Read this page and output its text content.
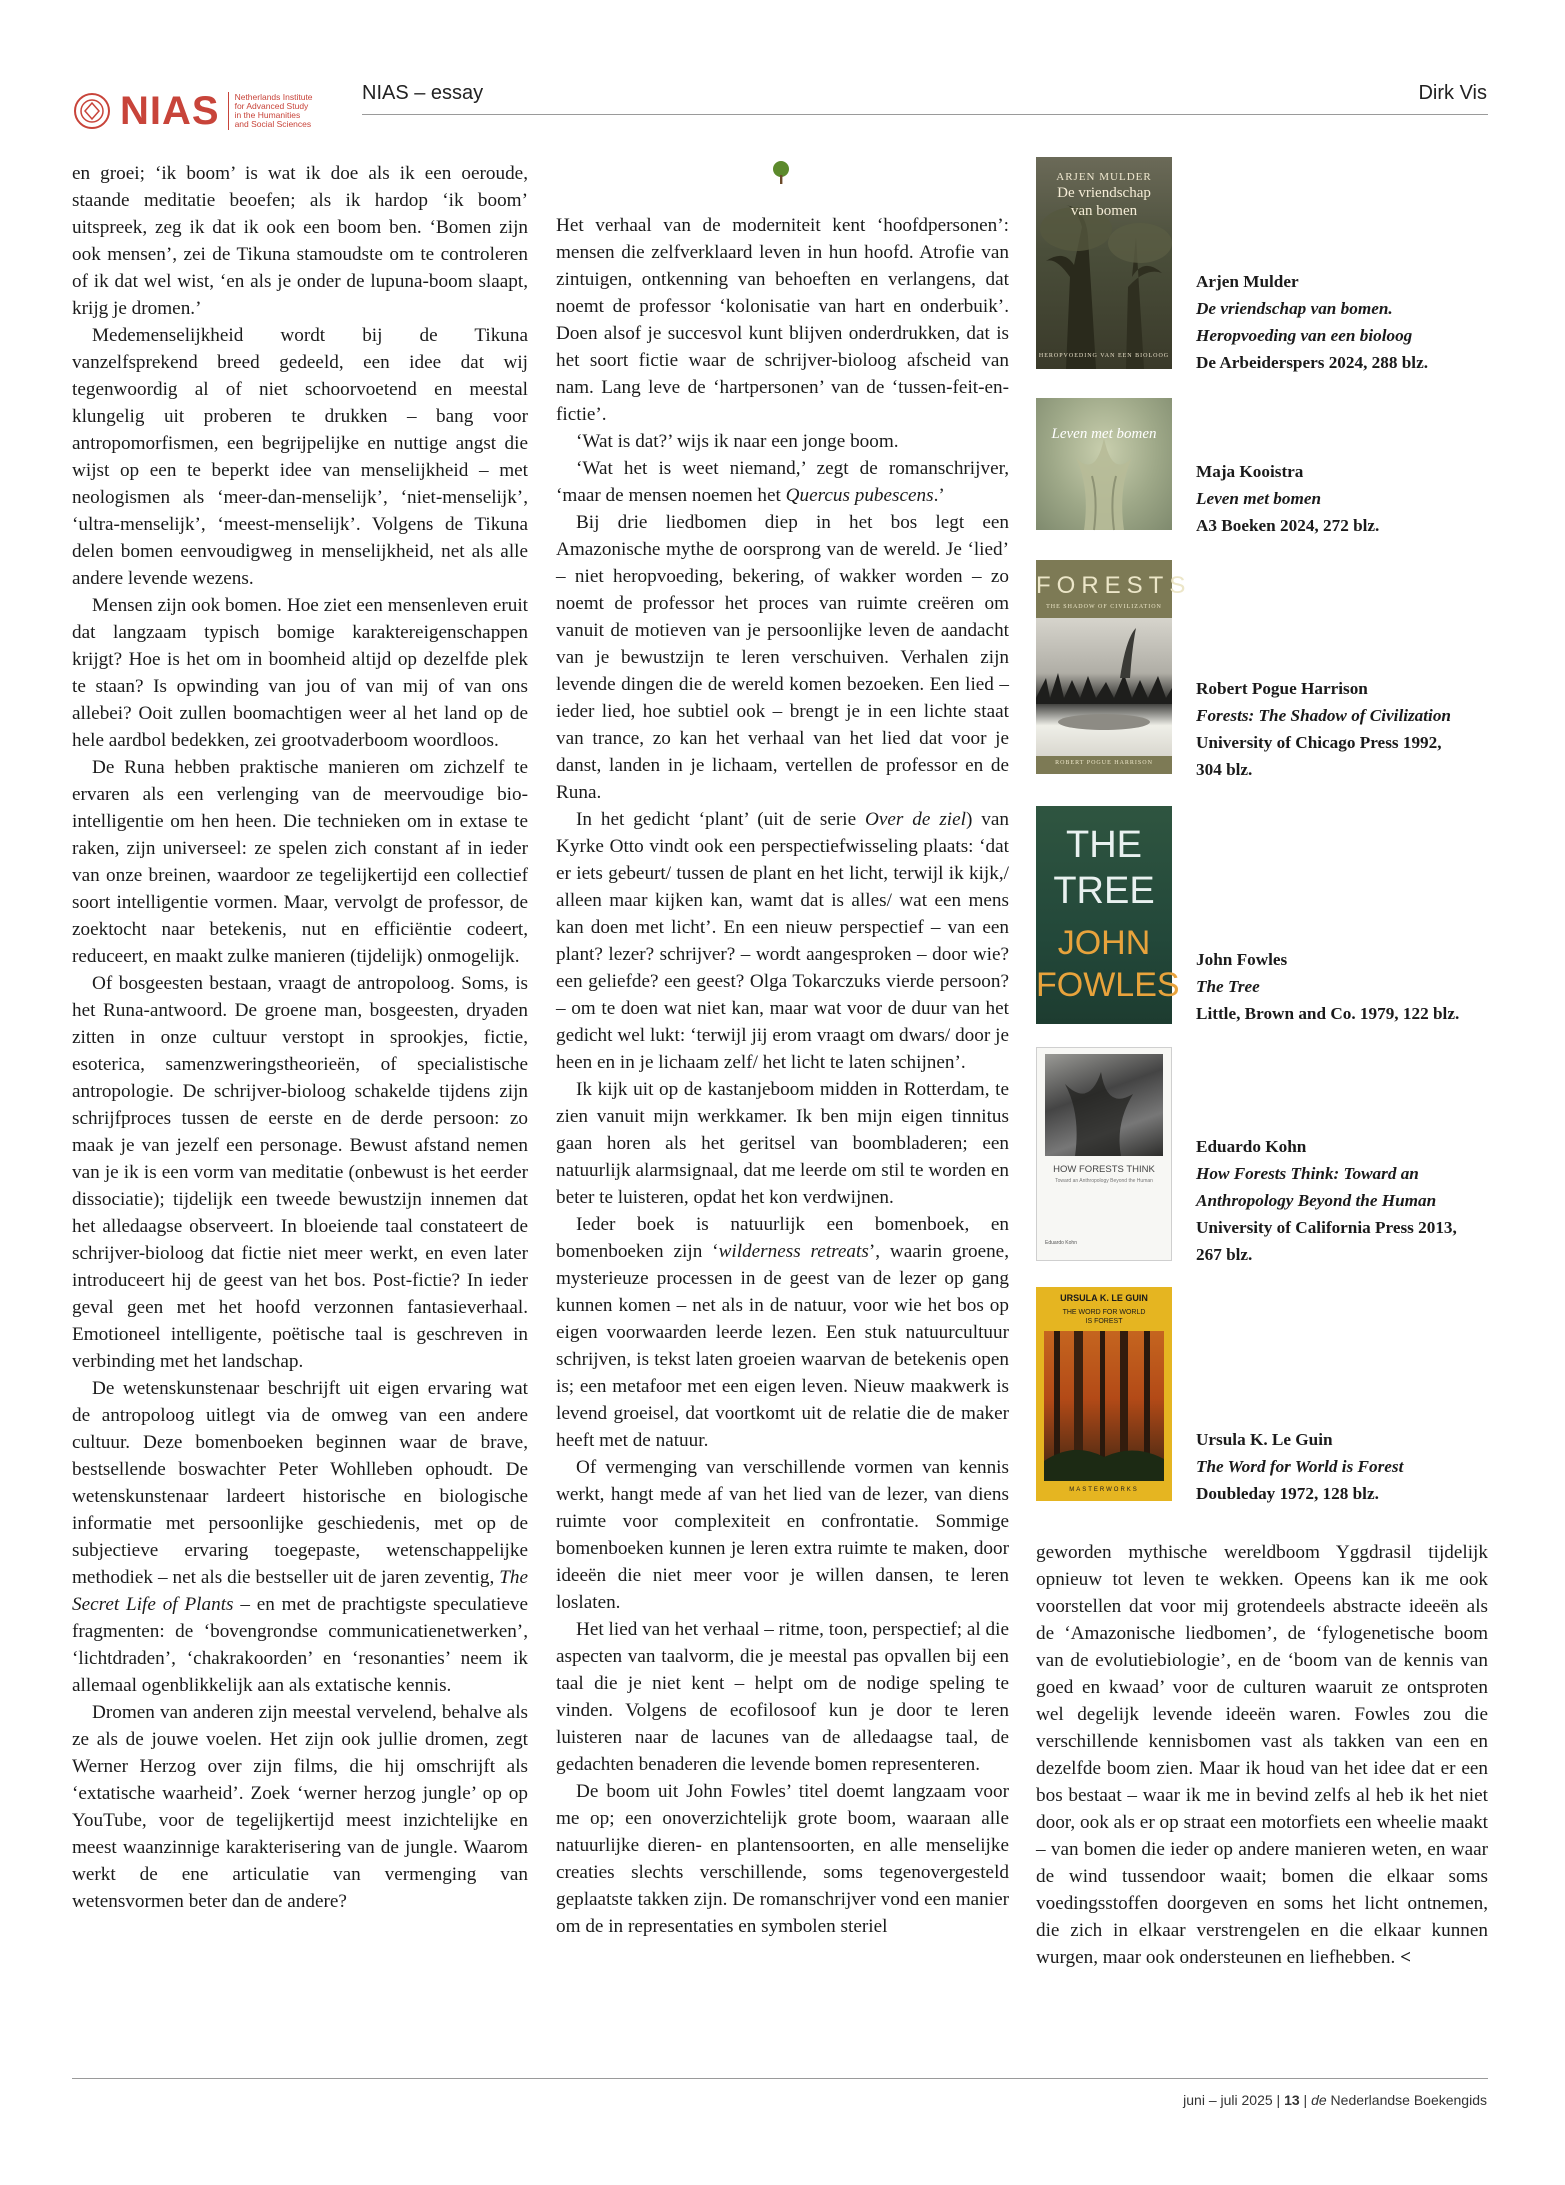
NIAS Netherlands Institute
for Advanced Study
in the Humanities
and Social Sciences
NIAS – essay	Dirk Vis

en groei; ‘ik boom’ is wat ik doe als ik een oeroude, staande meditatie beoefen; als ik hardop ‘ik boom’ uitspreek, zeg ik dat ik ook een boom ben. ‘Bomen zijn ook mensen’, zei de Tikuna stamoudste om te controleren of ik dat wel wist, ‘en als je onder de lupuna-boom slaapt, krijg je dromen.’

Medemenselijkheid wordt bij de Tikuna vanzelfsprekend breed gedeeld, een idee dat wij tegenwoordig al of niet schoorvoetend en meestal klungelig uit proberen te drukken – bang voor antropomorfismen, een begrijpelijke en nuttige angst die wijst op een te beperkt idee van menselijkheid – met neologismen als ‘meer-dan-menselijk’, ‘niet-menselijk’, ‘ultra-menselijk’, ‘meest-menselijk’. Volgens de Tikuna delen bomen eenvoudigweg in menselijkheid, net als alle andere levende wezens.

Mensen zijn ook bomen. Hoe ziet een mensenleven eruit dat langzaam typisch bomige karaktereigenschappen krijgt? Hoe is het om in boomheid altijd op dezelfde plek te staan? Is opwinding van jou of van mij of van ons allebei? Ooit zullen boomachtigen weer al het land op de hele aardbol bedekken, zei grootvaderboom woordloos.

De Runa hebben praktische manieren om zichzelf te ervaren als een verlenging van de meervoudige bio-intelligentie om hen heen. Die technieken om in extase te raken, zijn universeel: ze spelen zich constant af in ieder van onze breinen, waardoor ze tegelijkertijd een collectief soort intelligentie vormen. Maar, vervolgt de professor, de zoektocht naar betekenis, nut en efficiëntie codeert, reduceert, en maakt zulke manieren (tijdelijk) onmogelijk.

Of bosgeesten bestaan, vraagt de antropoloog. Soms, is het Runa-antwoord. De groene man, bosgeesten, dryaden zitten in onze cultuur verstopt in sprookjes, fictie, esoterica, samenzweringstheorieën, of specialistische antropologie. De schrijver-bioloog schakelde tijdens zijn schrijfproces tussen de eerste en de derde persoon: zo maak je van jezelf een personage. Bewust afstand nemen van je ik is een vorm van meditatie (onbewust is het eerder dissociatie); tijdelijk een tweede bewustzijn innemen dat het alledaagse observeert. In bloeiende taal constateert de schrijver-bioloog dat fictie niet meer werkt, en even later introduceert hij de geest van het bos. Post-fictie? In ieder geval geen met het hoofd verzonnen fantasieverhaal. Emotioneel intelligente, poëtische taal is geschreven in verbinding met het landschap.

De wetenskunstenaar beschrijft uit eigen ervaring wat de antropoloog uitlegt via de omweg van een andere cultuur. Deze bomenboeken beginnen waar de brave, bestsellende boswachter Peter Wohlleben ophoudt. De wetenskunstenaar lardeert historische en biologische informatie met persoonlijke geschiedenis, met op de subjectieve ervaring toegepaste, wetenschappelijke methodiek – net als die bestseller uit de jaren zeventig, The Secret Life of Plants – en met de prachtigste speculatieve fragmenten: de ‘bovengrondse communicatienetwerken’, ‘lichtdraden’, ‘chakrakoorden’ en ‘resonanties’ neem ik allemaal ogenblikkelijk aan als extatische kennis.

Dromen van anderen zijn meestal vervelend, behalve als ze als de jouwe voelen. Het zijn ook jullie dromen, zegt Werner Herzog over zijn films, die hij omschrijft als ‘extatische waarheid’. Zoek ‘werner herzog jungle’ op op YouTube, voor de tegelijkertijd meest inzichtelijke en meest waanzinnige karakterisering van de jungle. Waarom werkt de ene articulatie van vermenging van wetensvormen beter dan de andere?

Het verhaal van de moderniteit kent ‘hoofdpersonen’: mensen die zelfverklaard leven in hun hoofd. Atrofie van zintuigen, ontkenning van behoeften en verlangens, dat noemt de professor ‘kolonisatie van hart en onderbuik’. Doen alsof je succesvol kunt blijven onderdrukken, dat is het soort fictie waar de schrijver-bioloog afscheid van nam. Lang leve de ‘hartpersonen’ van de ‘tussen-feit-en-fictie’.

‘Wat is dat?’ wijs ik naar een jonge boom.

‘Wat het is weet niemand,’ zegt de romanschrijver, ‘maar de mensen noemen het Quercus pubescens.’

Bij drie liedbomen diep in het bos legt een Amazonische mythe de oorsprong van de wereld. Je ‘lied’ – niet heropvoeding, bekering, of wakker worden – zo noemt de professor het proces van ruimte creëren om vanuit de motieven van je persoonlijke leven de aandacht van je bewustzijn te leren verschuiven. Verhalen zijn levende dingen die de wereld komen bezoeken. Een lied – ieder lied, hoe subtiel ook – brengt je in een lichte staat van trance, zo kan het verhaal van het lied dat voor je danst, landen in je lichaam, vertellen de professor en de Runa.

In het gedicht ‘plant’ (uit de serie Over de ziel) van Kyrke Otto vindt ook een perspectiefwisseling plaats: ‘dat er iets gebeurt/ tussen de plant en het licht, terwijl ik kijk,/ alleen maar kijken kan, wamt dat is alles/ wat een mens kan doen met licht’. En een nieuw perspectief – van een plant? lezer? schrijver? – wordt aangesproken – door wie? een geliefde? een geest? Olga Tokarczuks vierde persoon? – om te doen wat niet kan, maar wat voor de duur van het gedicht wel lukt: ‘terwijl jij erom vraagt om dwars/ door je heen en in je lichaam zelf/ het licht te laten schijnen’.

Ik kijk uit op de kastanjeboom midden in Rotterdam, te zien vanuit mijn werkkamer. Ik ben mijn eigen tinnitus gaan horen als het geritsel van boombladeren; een natuurlijk alarmsignaal, dat me leerde om stil te worden en beter te luisteren, opdat het kon verdwijnen.

Ieder boek is natuurlijk een bomenboek, en bomenboeken zijn ‘wilderness retreats’, waarin groene, mysterieuze processen in de geest van de lezer op gang kunnen komen – net als in de natuur, voor wie het bos op eigen voorwaarden leerde lezen. Een stuk natuurcultuur schrijven, is tekst laten groeien waarvan de betekenis open is; een metafoor met een eigen leven. Nieuw maakwerk is levend groeisel, dat voortkomt uit de relatie die de maker heeft met de natuur.

Of vermenging van verschillende vormen van kennis werkt, hangt mede af van het lied van de lezer, van diens ruimte voor complexiteit en confrontatie. Sommige bomenboeken kunnen je leren extra ruimte te maken, door ideeën die niet meer voor je willen dansen, te leren loslaten.

Het lied van het verhaal – ritme, toon, perspectief; al die aspecten van taalvorm, die je meestal pas opvallen bij een taal die je niet kent – helpt om de nodige speling te vinden. Volgens de ecofilosoof kun je door te leren luisteren naar de lacunes van de alledaagse taal, de gedachten benaderen die levende bomen representeren.

De boom uit John Fowles’ titel doemt langzaam voor me op; een onoverzichtelijk grote boom, waaraan alle natuurlijke dieren- en plantensoorten, en alle menselijke creaties slechts verschillende, soms tegenovergesteld geplaatste takken zijn. De romanschrijver vond een manier om de in representaties en symbolen steriel

ARJEN MULDER
De vriendschap
van bomen
HEROPVOEDING VAN EEN BIOLOOG
Arjen Mulder
De vriendschap van bomen.
Heropvoeding van een bioloog
De Arbeiderspers 2024, 288 blz.
Leven met bomen
Maja Kooistra
Leven met bomen
A3 Boeken 2024, 272 blz.
FORESTS
THE SHADOW OF CIVILIZATION
ROBERT POGUE HARRISON
Robert Pogue Harrison
Forests: The Shadow of Civilization
University of Chicago Press 1992,
304 blz.
THE
TREE
JOHN
FOWLES
John Fowles
The Tree
Little, Brown and Co. 1979, 122 blz.
HOW FORESTS THINK
Toward an Anthropology Beyond the Human
Eduardo Kohn
Eduardo Kohn
How Forests Think: Toward an
Anthropology Beyond the Human
University of California Press 2013,
267 blz.
URSULA K. LE GUIN
THE WORD FOR WORLD
IS FOREST
MASTERWORKS
Ursula K. Le Guin
The Word for World is Forest
Doubleday 1972, 128 blz.

geworden mythische wereldboom Yggdrasil tijdelijk opnieuw tot leven te wekken. Opeens kan ik me ook voorstellen dat voor mij grotendeels abstracte ideeën als de ‘Amazonische liedbomen’, de ‘fylogenetische boom van de evolutiebiologie’, en de ‘boom van de kennis van goed en kwaad’ voor de culturen waaruit ze ontsproten wel degelijk levende ideeën waren. Fowles zou die verschillende kennisbomen vast als takken van een en dezelfde boom zien. Maar ik houd van het idee dat er een bos bestaat – waar ik me in bevind zelfs al heb ik het niet door, ook als er op straat een motorfiets een wheelie maakt – van bomen die ieder op andere manieren weten, en waar de wind tussendoor waait; bomen die elkaar soms voedingsstoffen doorgeven en soms het licht ontnemen, die zich in elkaar verstrengelen en die elkaar kunnen wurgen, maar ook ondersteunen en liefhebben. <

juni – juli 2025 | 13 | de Nederlandse Boekengids
